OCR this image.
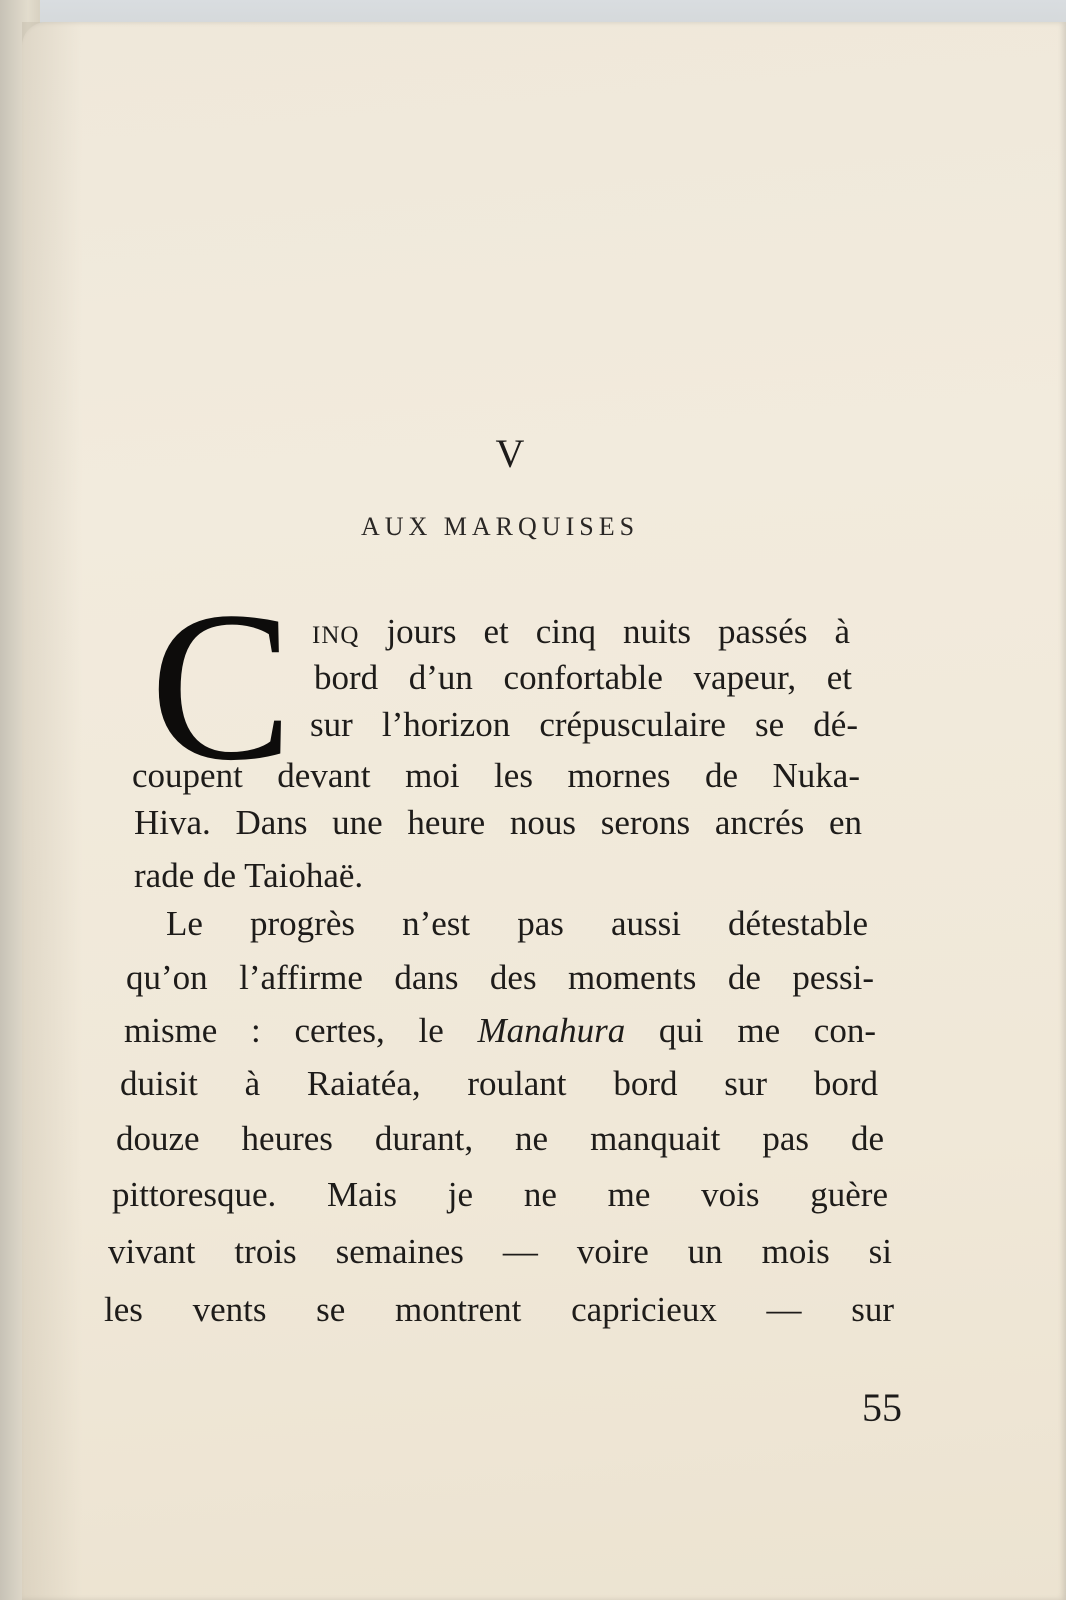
V
AUX MARQUISES
C inq jours et cinq nuits passés à
bord d’un confortable vapeur, et
sur l’horizon crépusculaire se dé-
coupent devant moi les mornes de Nuka-
Hiva. Dans une heure nous serons ancrés en
rade de Taiohaë.
Le progrès n’est pas aussi détestable
qu’on l’affirme dans des moments de pessi-
misme : certes, le Manahura qui me con-
duisit à Raiatéa, roulant bord sur bord
douze heures durant, ne manquait pas de
pittoresque. Mais je ne me vois guère
vivant trois semaines — voire un mois si
les vents se montrent capricieux — sur
55
